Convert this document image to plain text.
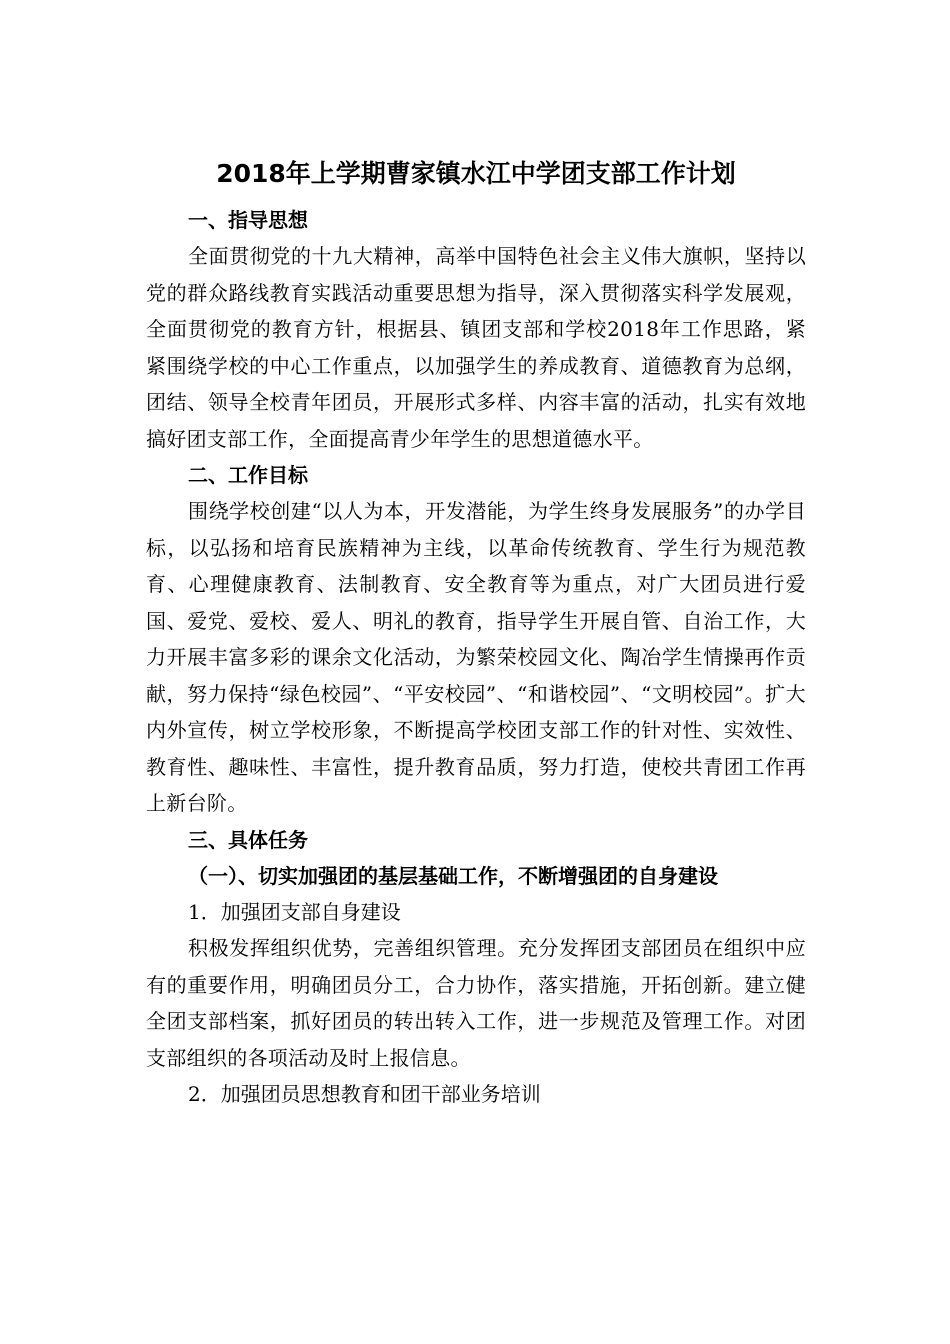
2018年上学期曹家镇水江中学团支部工作计划
一、指导思想

全面贯彻党的十九大精神，高举中国特色社会主义伟大旗帜，坚持以党的群众路线教育实践活动重要思想为指导，深入贯彻落实科学发展观，全面贯彻党的教育方针，根据县、镇团支部和学校2018年工作思路，紧紧围绕学校的中心工作重点，以加强学生的养成教育、道德教育为总纲，团结、领导全校青年团员，开展形式多样、内容丰富的活动，扎实有效地搞好团支部工作，全面提高青少年学生的思想道德水平。

二、工作目标

围绕学校创建“以人为本，开发潜能，为学生终身发展服务”的办学目标，以弘扬和培育民族精神为主线，以革命传统教育、学生行为规范教育、心理健康教育、法制教育、安全教育等为重点，对广大团员进行爱国、爱党、爱校、爱人、明礼的教育，指导学生开展自管、自治工作，大力开展丰富多彩的课余文化活动，为繁荣校园文化、陶冶学生情操再作贡献，努力保持“绿色校园”、“平安校园”、“和谐校园”、“文明校园”。扩大内外宣传，树立学校形象，不断提高学校团支部工作的针对性、实效性、教育性、趣味性、丰富性，提升教育品质，努力打造，使校共青团工作再上新台阶。

三、具体任务
（一）、切实加强团的基层基础工作，不断增强团的自身建设

1．加强团支部自身建设

积极发挥组织优势，完善组织管理。充分发挥团支部团员在组织中应有的重要作用，明确团员分工，合力协作，落实措施，开拓创新。建立健全团支部档案，抓好团员的转出转入工作，进一步规范及管理工作。对团支部组织的各项活动及时上报信息。

2．加强团员思想教育和团干部业务培训
